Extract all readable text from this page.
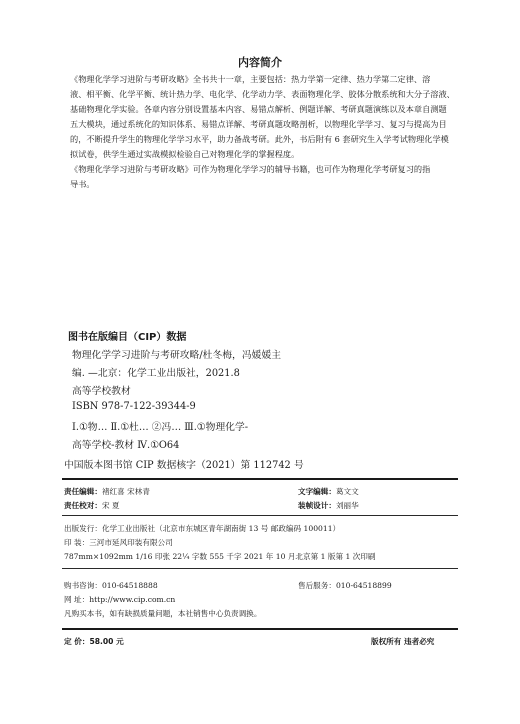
内容简介
《物理化学学习进阶与考研攻略》全书共十一章，主要包括：热力学第一定律、热力学第二定律、溶
液、相平衡、化学平衡、统计热力学、电化学、化学动力学、表面物理化学、胶体分散系统和大分子溶液、
基础物理化学实验。各章内容分别设置基本内容、易错点解析、例题详解、考研真题演练以及本章自测题
五大模块，通过系统化的知识体系、易错点详解、考研真题攻略剖析，以物理化学学习、复习与提高为目
的，不断提升学生的物理化学学习水平，助力备战考研。此外，书后附有 6 套研究生入学考试物理化学模
拟试卷，供学生通过实战模拟检验自己对物理化学的掌握程度。
《物理化学学习进阶与考研攻略》可作为物理化学学习的辅导书籍，也可作为物理化学考研复习的指
导书。
图书在版编目（CIP）数据
物理化学学习进阶与考研攻略/杜冬梅，冯媛媛主
编. —北京：化学工业出版社，2021.8
高等学校教材
ISBN 978-7-122-39344-9
Ⅰ.①物… Ⅱ.①杜… ②冯… Ⅲ.①物理化学-
高等学校-教材 Ⅳ.①O64
中国版本图书馆 CIP 数据核字（2021）第 112742 号
责任编辑：褚红喜 宋林青	文字编辑：葛文文
责任校对：宋 夏	装帧设计：刘丽华
出版发行：化学工业出版社（北京市东城区青年湖南街 13 号 邮政编码 100011）
印 装：三河市延风印装有限公司
787mm×1092mm 1/16 印张 22¼ 字数 555 千字 2021 年 10 月北京第 1 版第 1 次印刷
购书咨询：010-64518888	售后服务：010-64518899
网 址：http://www.cip.com.cn
凡购买本书，如有缺损质量问题，本社销售中心负责调换。
定 价：58.00 元	版权所有 违者必究
